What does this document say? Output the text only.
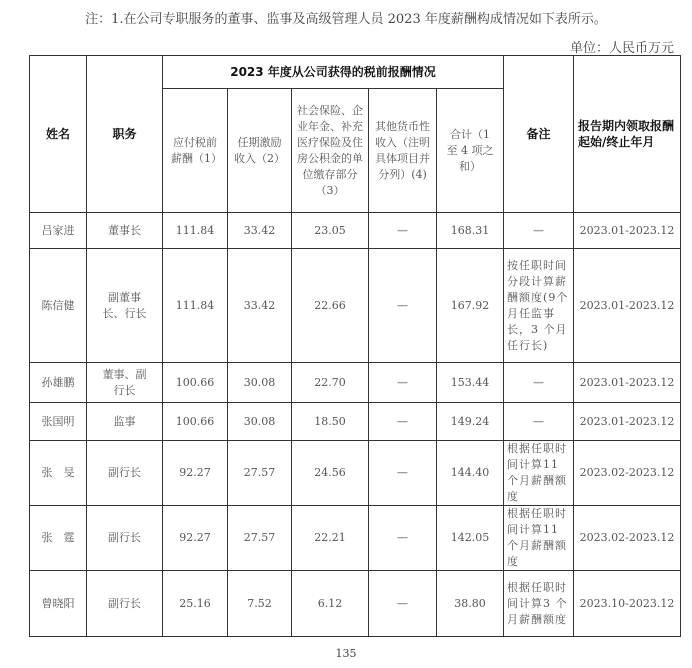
注：1.在公司专职服务的董事、监事及高级管理人员 2023 年度薪酬构成情况如下表所示。
单位：人民币万元
姓名	职务	2023 年度从公司获得的税前报酬情况					备注	报告期内领取报酬起始/终止年月
		应付税前薪酬（1）	任期激励收入（2）	社会保险、企业年金、补充医疗保险及住房公积金的单位缴存部分（3）	其他货币性收入（注明具体项目并分列）(4)	合计（1 至 4 项之和）		
吕家进	董事长	111.84	33.42	23.05	—	168.31	—	2023.01-2023.12
陈信健	副董事长、行长	111.84	33.42	22.66	—	167.92	按任职时间分段计算薪酬额度(9个月任监事长，3 个月任行长)	2023.01-2023.12
孙雄鹏	董事、副行长	100.66	30.08	22.70	—	153.44	—	2023.01-2023.12
张国明	监事	100.66	30.08	18.50	—	149.24	—	2023.01-2023.12
张　旻	副行长	92.27	27.57	24.56	—	144.40	根据任职时间计算11 个月薪酬额度	2023.02-2023.12
张　霆	副行长	92.27	27.57	22.21	—	142.05	根据任职时间计算11 个月薪酬额度	2023.02-2023.12
曾晓阳	副行长	25.16	7.52	6.12	—	38.80	根据任职时间计算3 个月薪酬额度	2023.10-2023.12
135
